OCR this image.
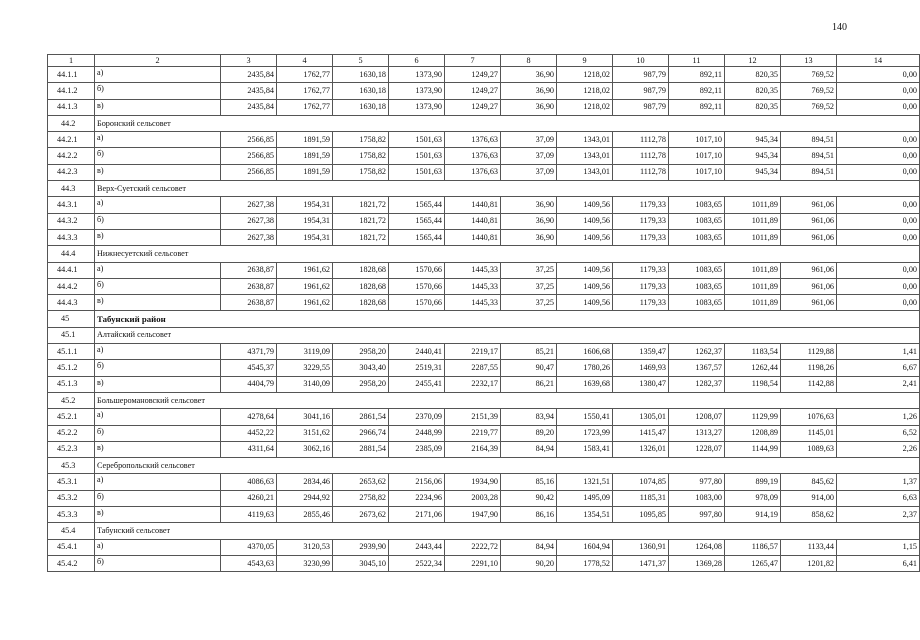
140
1	2	3	4	5	6	7	8	9	10	11	12	13	14
44.1.1	а)	2435,84	1762,77	1630,18	1373,90	1249,27	36,90	1218,02	987,79	892,11	820,35	769,52	0,00
44.1.2	б)	2435,84	1762,77	1630,18	1373,90	1249,27	36,90	1218,02	987,79	892,11	820,35	769,52	0,00
44.1.3	в)	2435,84	1762,77	1630,18	1373,90	1249,27	36,90	1218,02	987,79	892,11	820,35	769,52	0,00
44.2	Боронский сельсовет												
44.2.1	а)	2566,85	1891,59	1758,82	1501,63	1376,63	37,09	1343,01	1112,78	1017,10	945,34	894,51	0,00
44.2.2	б)	2566,85	1891,59	1758,82	1501,63	1376,63	37,09	1343,01	1112,78	1017,10	945,34	894,51	0,00
44.2.3	в)	2566,85	1891,59	1758,82	1501,63	1376,63	37,09	1343,01	1112,78	1017,10	945,34	894,51	0,00
44.3	Верх-Суетский сельсовет												
44.3.1	а)	2627,38	1954,31	1821,72	1565,44	1440,81	36,90	1409,56	1179,33	1083,65	1011,89	961,06	0,00
44.3.2	б)	2627,38	1954,31	1821,72	1565,44	1440,81	36,90	1409,56	1179,33	1083,65	1011,89	961,06	0,00
44.3.3	в)	2627,38	1954,31	1821,72	1565,44	1440,81	36,90	1409,56	1179,33	1083,65	1011,89	961,06	0,00
44.4	Нижнесуетский сельсовет												
44.4.1	а)	2638,87	1961,62	1828,68	1570,66	1445,33	37,25	1409,56	1179,33	1083,65	1011,89	961,06	0,00
44.4.2	б)	2638,87	1961,62	1828,68	1570,66	1445,33	37,25	1409,56	1179,33	1083,65	1011,89	961,06	0,00
44.4.3	в)	2638,87	1961,62	1828,68	1570,66	1445,33	37,25	1409,56	1179,33	1083,65	1011,89	961,06	0,00
45	Табунский район												
45.1	Алтайский сельсовет												
45.1.1	а)	4371,79	3119,09	2958,20	2440,41	2219,17	85,21	1606,68	1359,47	1262,37	1183,54	1129,88	1,41
45.1.2	б)	4545,37	3229,55	3043,40	2519,31	2287,55	90,47	1780,26	1469,93	1367,57	1262,44	1198,26	6,67
45.1.3	в)	4404,79	3140,09	2958,20	2455,41	2232,17	86,21	1639,68	1380,47	1282,37	1198,54	1142,88	2,41
45.2	Большеромановский сельсовет												
45.2.1	а)	4278,64	3041,16	2861,54	2370,09	2151,39	83,94	1550,41	1305,01	1208,07	1129,99	1076,63	1,26
45.2.2	б)	4452,22	3151,62	2966,74	2448,99	2219,77	89,20	1723,99	1415,47	1313,27	1208,89	1145,01	6,52
45.2.3	в)	4311,64	3062,16	2881,54	2385,09	2164,39	84,94	1583,41	1326,01	1228,07	1144,99	1089,63	2,26
45.3	Серебропольский сельсовет												
45.3.1	а)	4086,63	2834,46	2653,62	2156,06	1934,90	85,16	1321,51	1074,85	977,80	899,19	845,62	1,37
45.3.2	б)	4260,21	2944,92	2758,82	2234,96	2003,28	90,42	1495,09	1185,31	1083,00	978,09	914,00	6,63
45.3.3	в)	4119,63	2855,46	2673,62	2171,06	1947,90	86,16	1354,51	1095,85	997,80	914,19	858,62	2,37
45.4	Табунский сельсовет												
45.4.1	а)	4370,05	3120,53	2939,90	2443,44	2222,72	84,94	1604,94	1360,91	1264,08	1186,57	1133,44	1,15
45.4.2	б)	4543,63	3230,99	3045,10	2522,34	2291,10	90,20	1778,52	1471,37	1369,28	1265,47	1201,82	6,41
